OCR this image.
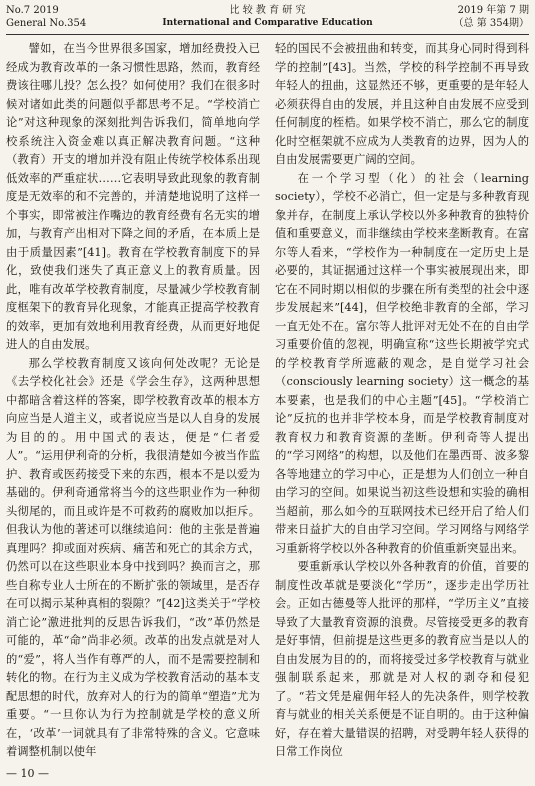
No.7 2019
General No.354
比 较 教 育 研 究
International and Comparative Education
2019 年第 7 期
（总 第 354期）

譬如，在当今世界很多国家，增加经费投入已经成为教育改革的一条习惯性思路，然而，教育经费该往哪儿投？怎么投？如何使用？我们在很多时候对诸如此类的问题似乎都思考不足。“学校消亡论”对这种现象的深刻批判告诉我们，简单地向学校系统注入资金难以真正解决教育问题。“这种（教育）开支的增加并没有阻止传统学校体系出现低效率的严重症状……它表明导致此现象的教育制度是无效率的和不完善的，并清楚地说明了这样一个事实，即常被注作嘴边的教育经费有名无实的增加，与教育产出相对下降之间的矛盾，在本质上是由于质量因素”[41]。教育在学校教育制度下的异化，致使我们迷失了真正意义上的教育质量。因此，唯有改革学校教育制度，尽量减少学校教育制度框架下的教育异化现象，才能真正提高学校教育的效率，更加有效地利用教育经费，从而更好地促进人的自由发展。

那么学校教育制度又该向何处改呢？无论是《去学校化社会》还是《学会生存》，这两种思想中都暗含着这样的答案，即学校教育改革的根本方向应当是人道主义，或者说应当是以人自身的发展为目的的。用中国式的表达，便是“仁者爱人”。“运用伊利奇的分析，我很清楚如今被当作监护、教育或医药接受下来的东西，根本不是以爱为基础的。伊利奇通常将当今的这些职业作为一种彻头彻尾的，而且或许是不可救药的腐败加以拒斥。但我认为他的著述可以继续追问：他的主张是普遍真理吗？抑或面对疾病、痛苦和死亡的其余方式，仍然可以在这些职业本身中找到吗？换而言之，那些自称专业人士所在的不断扩张的领域里，是否存在可以揭示某种真相的裂隙？”[42]这类关于“学校消亡论”激进批判的反思告诉我们，“改”革仍然是可能的，革“命”尚非必须。改革的出发点就是对人的“爱”，将人当作有尊严的人，而不是需要控制和转化的物。在行为主义成为学校教育活动的基本支配思想的时代，放弃对人的行为的简单“塑造”尤为重要。“一旦你认为行为控制就是学校的意义所在，‘改革’一词就具有了非常特殊的含义。它意味着调整机制以使年

轻的国民不会被扭曲和转变，而其身心同时得到科学的控制”[43]。当然，学校的科学控制不再导致年轻人的扭曲，这显然还不够，更重要的是年轻人必须获得自由的发展，并且这种自由发展不应受到任何制度的桎梏。如果学校不消亡，那么它的制度化时空框架就不应成为人类教育的边界，因为人的自由发展需要更广阔的空间。

在一个学习型（化）的社会（learning society），学校不必消亡，但一定是与多种教育现象并存，在制度上承认学校以外多种教育的独特价值和重要意义，而非继续由学校来垄断教育。在富尔等人看来，“学校作为一种制度在一定历史上是必要的，其证据通过这样一个事实被展现出来，即它在不同时期以相似的步骤在所有类型的社会中逐步发展起来”[44]，但学校绝非教育的全部，学习一直无处不在。富尔等人批评对无处不在的自由学习重要价值的忽视，明确宣称“这些长期被学究式的学校教育学所遮蔽的观念，是自觉学习社会（consciously learning society）这一概念的基本要素，也是我们的中心主题”[45]。“学校消亡论”反抗的也并非学校本身，而是学校教育制度对教育权力和教育资源的垄断。伊利奇等人提出的“学习网络”的构想，以及他们在墨西哥、波多黎各等地建立的学习中心，正是想为人们创立一种自由学习的空间。如果说当初这些设想和实验的确相当超前，那么如今的互联网技术已经开启了给人们带来日益扩大的自由学习空间。学习网络与网络学习重新将学校以外各种教育的价值重新突显出来。

要重新承认学校以外各种教育的价值，首要的制度性改革就是要淡化“学历”，逐步走出学历社会。正如古德曼等人批评的那样，“学历主义”直接导致了大量教育资源的浪费。尽管接受更多的教育是好事情，但前提是这些更多的教育应当是以人的自由发展为目的的，而将接受过多学校教育与就业强制联系起来，那就是对人权的剥夺和侵犯了。“若文凭是雇佣年轻人的先决条件，则学校教育与就业的相关关系便是不证自明的。由于这种偏好，存在着大量错误的招聘，对受聘年轻人获得的日常工作岗位

— 10 —
